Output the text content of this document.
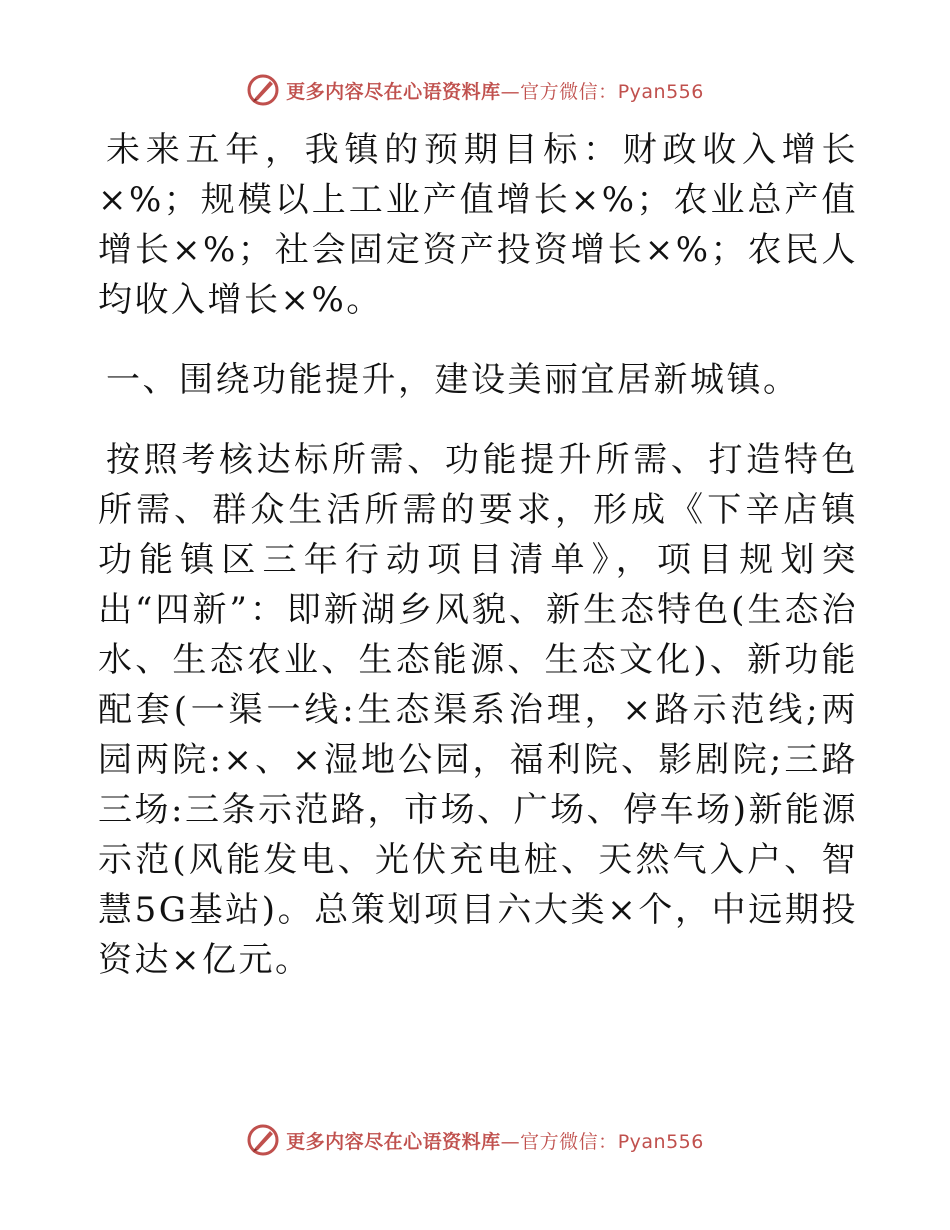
更多内容尽在心语资料库—官方微信：Pyan556

未来五年，我镇的预期目标：财政收入增长×%；规模以上工业产值增长×%；农业总产值增长×%；社会固定资产投资增长×%；农民人均收入增长×%。

一、围绕功能提升，建设美丽宜居新城镇。

按照考核达标所需、功能提升所需、打造特色所需、群众生活所需的要求，形成《下辛店镇功能镇区三年行动项目清单》，项目规划突出“四新”：即新湖乡风貌、新生态特色(生态治水、生态农业、生态能源、生态文化)、新功能配套(一渠一线:生态渠系治理，×路示范线;两园两院:×、×湿地公园，福利院、影剧院;三路三场:三条示范路，市场、广场、停车场)新能源示范(风能发电、光伏充电桩、天然气入户、智慧5G基站)。总策划项目六大类×个，中远期投资达×亿元。

更多内容尽在心语资料库—官方微信：Pyan556
